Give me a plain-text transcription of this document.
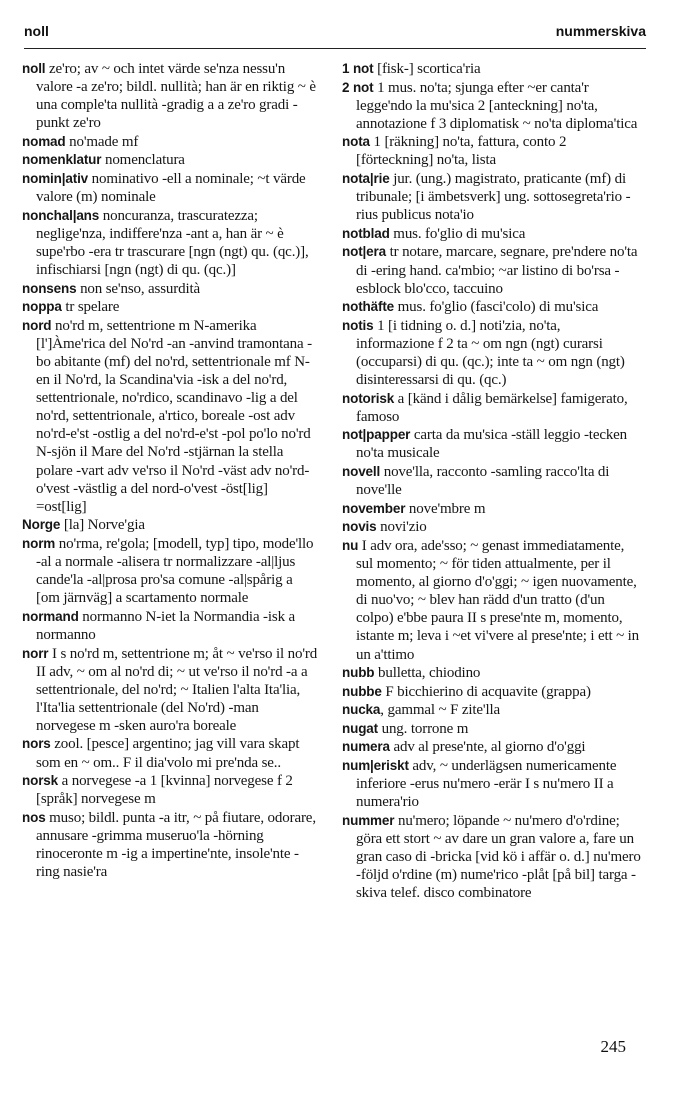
noll	nummerskiva
noll ze'ro; av ~ och intet värde se'nza nessu'n valore -a ze'ro; bildl. nullità; han är en riktig ~ è una comple'ta nullità -gradig a a ze'ro gradi -punkt ze'ro
nomad no'made mf
nomenklatur nomenclatura
nomin|ativ nominativo -ell a nominale; ~t värde valore (m) nominale
nonchal|ans noncuranza, trascuratezza; neglige'nza, indiffere'nza -ant a, han är ~ è supe'rbo -era tr trascurare [ngn (ngt) qu. (qc.)], infischiarsi [ngn (ngt) di qu. (qc.)]
nonsens non se'nso, assurdità
noppa tr spelare
nord no'rd m, settentrione m N-amerika [l']Àme'rica del No'rd -an -anvind tramontana -bo abitante (mf) del no'rd, settentrionale mf N-en il No'rd, la Scandina'via -isk a del no'rd, settentrionale, no'rdico, scandinavo -lig a del no'rd, settentrionale, a'rtico, boreale -ost adv no'rd-e'st -ostlig a del no'rd-e'st -pol po'lo no'rd N-sjön il Mare del No'rd -stjärnan la stella polare -vart adv ve'rso il No'rd -väst adv no'rd-o'vest -västlig a del nord-o'vest -öst[lig] =ost[lig]
Norge [la] Norve'gia
norm no'rma, re'gola; [modell, typ] tipo, mode'llo -al a normale -alisera tr normalizzare -al|ljus cande'la -al|prosa pro'sa comune -al|spårig a [om järnväg] a scartamento normale
normand normanno N-iet la Normandia -isk a normanno
norr I s no'rd m, settentrione m; åt ~ ve'rso il no'rd II adv, ~ om al no'rd di; ~ ut ve'rso il no'rd -a a settentrionale, del no'rd; ~ Italien l'alta Ita'lia, l'Ita'lia settentrionale (del No'rd) -man norvegese m -sken auro'ra boreale
nors zool. [pesce] argentino; jag vill vara skapt som en ~ om.. F il dia'volo mi pre'nda se..
norsk a norvegese -a 1 [kvinna] norvegese f 2 [språk] norvegese m
nos muso; bildl. punta -a itr, ~ på fiutare, odorare, annusare -grimma museruo'la -hörning rinoceronte m -ig a impertine'nte, insole'nte -ring nasie'ra
1 not [fisk-] scortica'ria
2 not 1 mus. no'ta; sjunga efter ~er canta'r legge'ndo la mu'sica 2 [anteckning] no'ta, annotazione f 3 diplomatisk ~ no'ta diploma'tica
nota 1 [räkning] no'ta, fattura, conto 2 [förteckning] no'ta, lista
nota|rie jur. (ung.) magistrato, praticante (mf) di tribunale; [i ämbetsverk] ung. sottosegreta'rio -rius publicus nota'io
notblad mus. fo'glio di mu'sica
not|era tr notare, marcare, segnare, pre'ndere no'ta di -ering hand. ca'mbio; ~ar listino di bo'rsa -esblock blo'cco, taccuino
nothäfte mus. fo'glio (fasci'colo) di mu'sica
notis 1 [i tidning o. d.] noti'zia, no'ta, informazione f 2 ta ~ om ngn (ngt) curarsi (occuparsi) di qu. (qc.); inte ta ~ om ngn (ngt) disinteressarsi di qu. (qc.)
notorisk a [känd i dålig bemärkelse] famigerato, famoso
not|papper carta da mu'sica -ställ leggio -tecken no'ta musicale
novell nove'lla, racconto -samling racco'lta di nove'lle
november nove'mbre m
novis novi'zio
nu I adv ora, ade'sso; ~ genast immediatamente, sul momento; ~ för tiden attualmente, per il momento, al giorno d'o'ggi; ~ igen nuovamente, di nuo'vo; ~ blev han rädd d'un tratto (d'un colpo) e'bbe paura II s prese'nte m, momento, istante m; leva i ~et vi'vere al prese'nte; i ett ~ in un a'ttimo
nubb bulletta, chiodino
nubbe F bicchierino di acquavite (grappa)
nucka, gammal ~ F zite'lla
nugat ung. torrone m
numera adv al prese'nte, al giorno d'o'ggi
num|eriskt adv, ~ underlägsen numericamente inferiore -erus nu'mero -erär I s nu'mero II a numera'rio
nummer nu'mero; löpande ~ nu'mero d'o'rdine; göra ett stort ~ av dare un gran valore a, fare un gran caso di -bricka [vid kö i affär o. d.] nu'mero -följd o'rdine (m) nume'rico -plåt [på bil] targa -skiva telef. disco combinatore
245
